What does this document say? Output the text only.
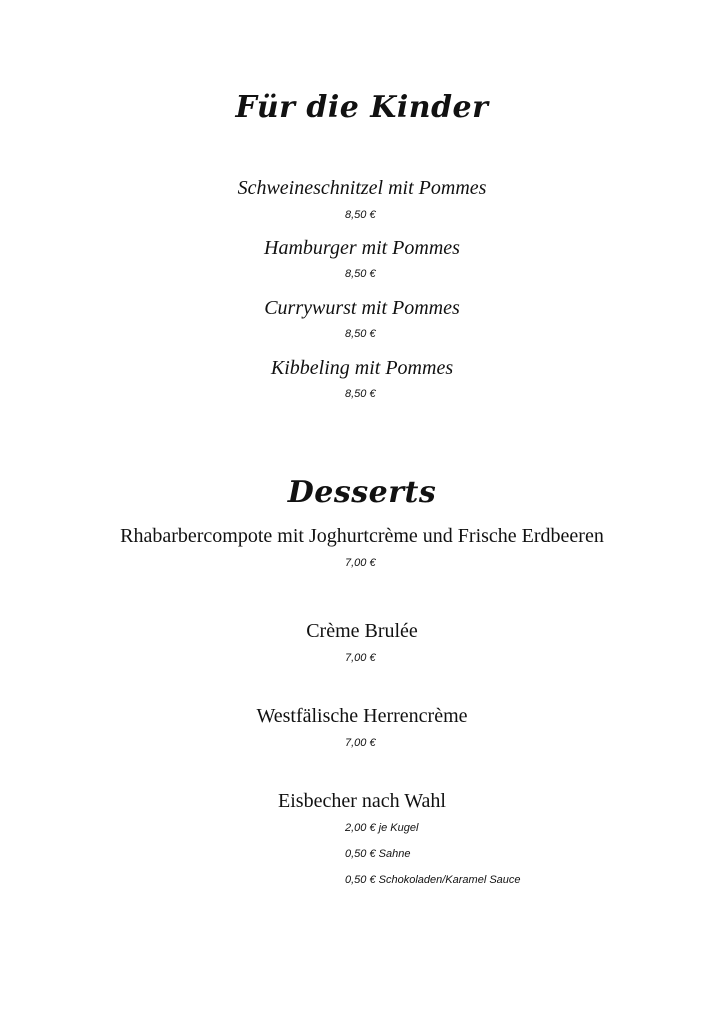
Für die Kinder
Schweineschnitzel mit Pommes
8,50 €
Hamburger mit Pommes
8,50 €
Currywurst mit Pommes
8,50 €
Kibbeling mit Pommes
8,50 €
Desserts
Rhabarbercompote mit Joghurtcrème und Frische Erdbeeren
7,00 €
Crème Brulée
7,00 €
Westfälische Herrencrème
7,00 €
Eisbecher nach Wahl
2,00 € je Kugel
0,50 € Sahne
0,50 € Schokoladen/Karamel Sauce
